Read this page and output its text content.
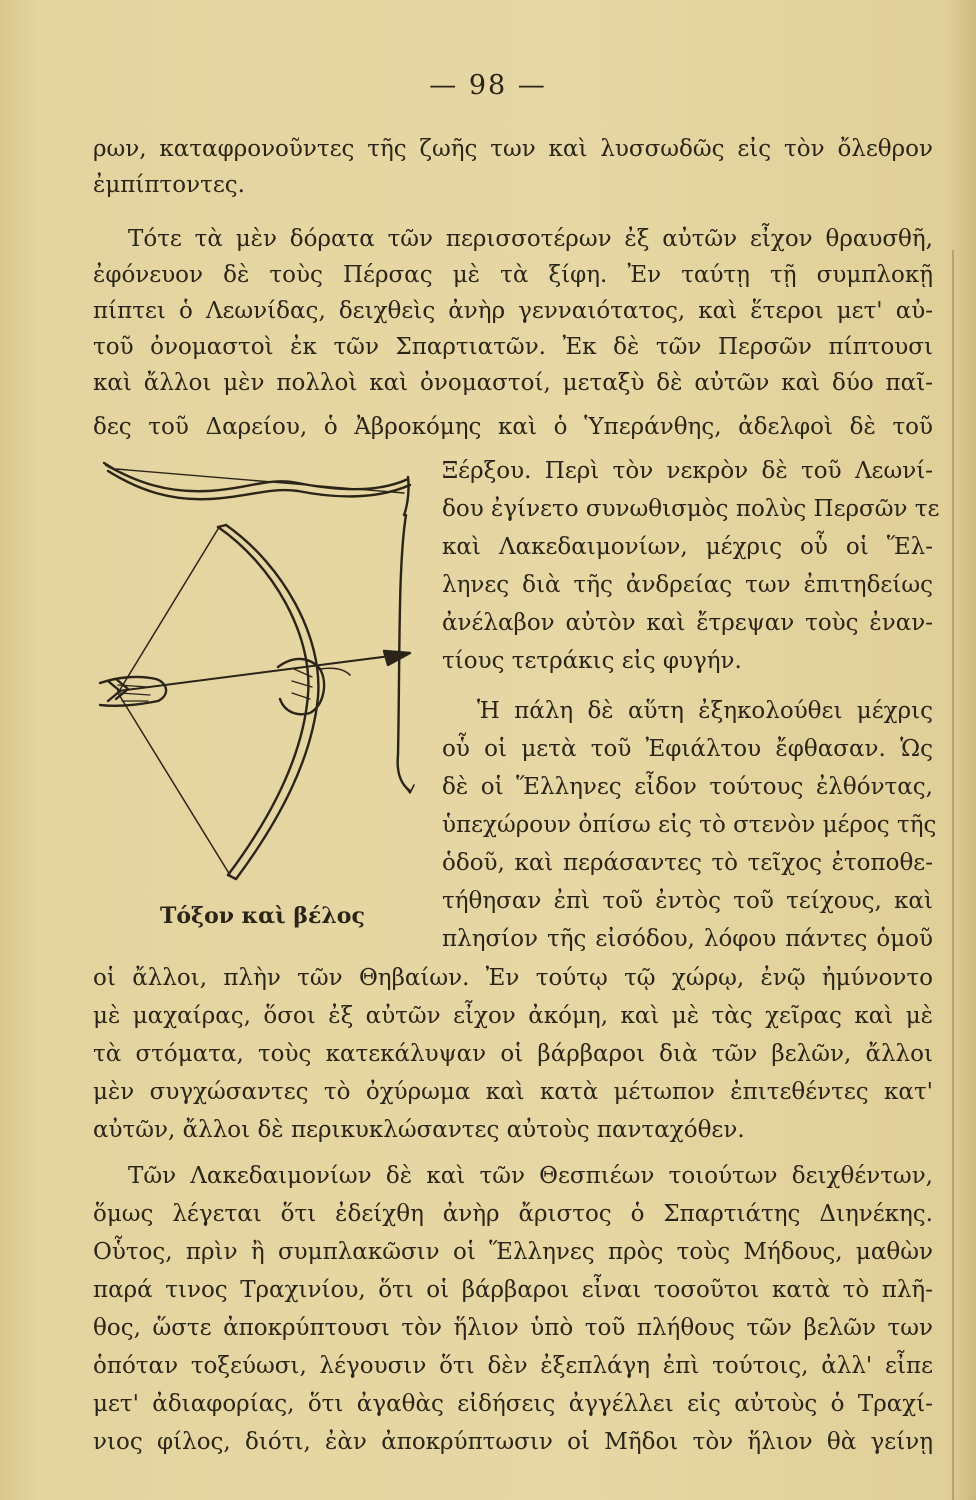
— 98 —
ρων, καταφρονοῦντες τῆς ζωῆς των καὶ λυσσωδῶς εἰς τὸν ὄλεθρον
ἐμπίπτοντες.
Τότε τὰ μὲν δόρατα τῶν περισσοτέρων ἐξ αὐτῶν εἶχον θραυσθῆ,
ἐφόνευον δὲ τοὺς Πέρσας μὲ τὰ ξίφη. Ἐν ταύτῃ τῇ συμπλοκῇ
πίπτει ὁ Λεωνίδας, δειχθεὶς ἀνὴρ γενναιότατος, καὶ ἕτεροι μετ' αὐ-
τοῦ ὀνομαστοὶ ἐκ τῶν Σπαρτιατῶν. Ἐκ δὲ τῶν Περσῶν πίπτουσι
καὶ ἄλλοι μὲν πολλοὶ καὶ ὀνομαστοί, μεταξὺ δὲ αὐτῶν καὶ δύο παῖ-
δες τοῦ Δαρείου, ὁ Ἀβροκόμης καὶ ὁ Ὑπεράνθης, ἀδελφοὶ δὲ τοῦ
Τόξον καὶ βέλος
Ξέρξου. Περὶ τὸν νεκρὸν δὲ τοῦ Λεωνί-
δου ἐγίνετο συνωθισμὸς πολὺς Περσῶν τε
καὶ Λακεδαιμονίων, μέχρις οὗ οἱ Ἕλ-
ληνες διὰ τῆς ἀνδρείας των ἐπιτηδείως
ἀνέλαβον αὐτὸν καὶ ἔτρεψαν τοὺς ἐναν-
τίους τετράκις εἰς φυγήν.
Ἡ πάλη δὲ αὕτη ἐξηκολούθει μέχρις
οὗ οἱ μετὰ τοῦ Ἐφιάλτου ἔφθασαν. Ὡς
δὲ οἱ Ἕλληνες εἶδον τούτους ἐλθόντας,
ὑπεχώρουν ὀπίσω εἰς τὸ στενὸν μέρος τῆς
ὁδοῦ, καὶ περάσαντες τὸ τεῖχος ἐτοποθε-
τήθησαν ἐπὶ τοῦ ἐντὸς τοῦ τείχους, καὶ
πλησίον τῆς εἰσόδου, λόφου πάντες ὁμοῦ
οἱ ἄλλοι, πλὴν τῶν Θηβαίων. Ἐν τούτῳ τῷ χώρῳ, ἐνῷ ἠμύνοντο
μὲ μαχαίρας, ὅσοι ἐξ αὐτῶν εἶχον ἀκόμη, καὶ μὲ τὰς χεῖρας καὶ μὲ
τὰ στόματα, τοὺς κατεκάλυψαν οἱ βάρβαροι διὰ τῶν βελῶν, ἄλλοι
μὲν συγχώσαντες τὸ ὀχύρωμα καὶ κατὰ μέτωπον ἐπιτεθέντες κατ'
αὐτῶν, ἄλλοι δὲ περικυκλώσαντες αὐτοὺς πανταχόθεν.
Τῶν Λακεδαιμονίων δὲ καὶ τῶν Θεσπιέων τοιούτων δειχθέντων,
ὅμως λέγεται ὅτι ἐδείχθη ἀνὴρ ἄριστος ὁ Σπαρτιάτης Διηνέκης.
Οὗτος, πρὶν ἢ συμπλακῶσιν οἱ Ἕλληνες πρὸς τοὺς Μήδους, μαθὼν
παρά τινος Τραχινίου, ὅτι οἱ βάρβαροι εἶναι τοσοῦτοι κατὰ τὸ πλῆ-
θος, ὥστε ἀποκρύπτουσι τὸν ἥλιον ὑπὸ τοῦ πλήθους τῶν βελῶν των
ὁπόταν τοξεύωσι, λέγουσιν ὅτι δὲν ἐξεπλάγη ἐπὶ τούτοις, ἀλλ' εἶπε
μετ' ἀδιαφορίας, ὅτι ἀγαθὰς εἰδήσεις ἀγγέλλει εἰς αὐτοὺς ὁ Τραχί-
νιος φίλος, διότι, ἐὰν ἀποκρύπτωσιν οἱ Μῆδοι τὸν ἥλιον θὰ γείνῃ
